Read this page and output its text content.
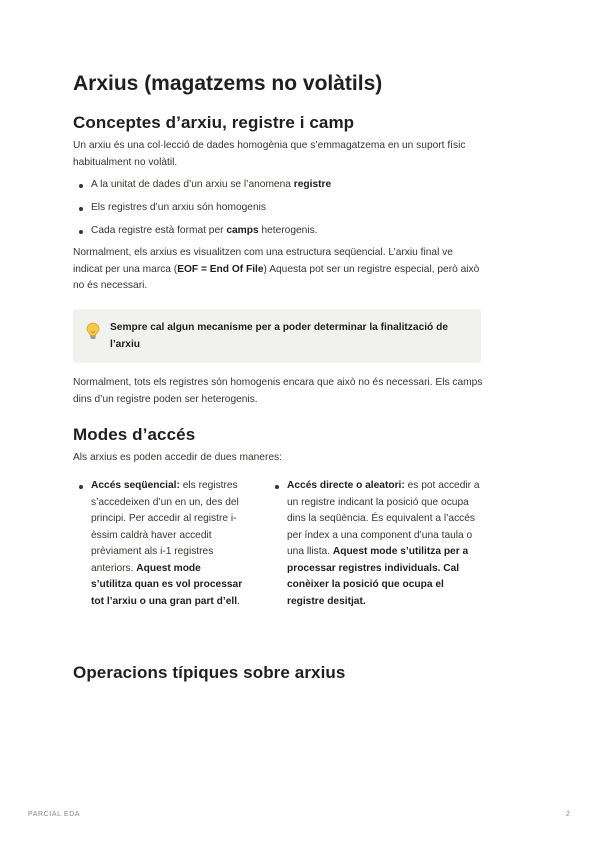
Arxius (magatzems no volàtils)
Conceptes d’arxiu, registre i camp

Un arxiu és una col·lecció de dades homogènia que s’emmagatzema en un suport físic habitualment no volàtil.

A la unitat de dades d’un arxiu se l’anomena registre
Els registres d’un arxiu són homogenis
Cada registre està format per camps heterogenis.

Normalment, els arxius es visualitzen com una estructura seqüencial. L’arxiu final ve indicat per una marca (EOF = End Of File) Aquesta pot ser un registre especial, però això no és necessari.

Sempre cal algun mecanisme per a poder determinar la finalització de l’arxiu

Normalment, tots els registres són homogenis encara que això no és necessari. Els camps dins d’un registre poden ser heterogenis.

Modes d’accés

Als arxius es poden accedir de dues maneres:

Accés seqüencial: els registres s’accedeixen d’un en un, des del principi. Per accedir al registre i-èssim caldrà haver accedit prèviament als i-1 registres anteriors. Aquest mode s’utilitza quan es vol processar tot l’arxiu o una gran part d’ell.
Accés directe o aleatori: es pot accedir a un registre indicant la posició que ocupa dins la seqüència. És equivalent a l’accés per índex a una component d’una taula o una llista. Aquest mode s’utilitza per a processar registres individuals. Cal conèixer la posició que ocupa el registre desitjat.
Operacions típiques sobre arxius
PARCIAL EDA	2
